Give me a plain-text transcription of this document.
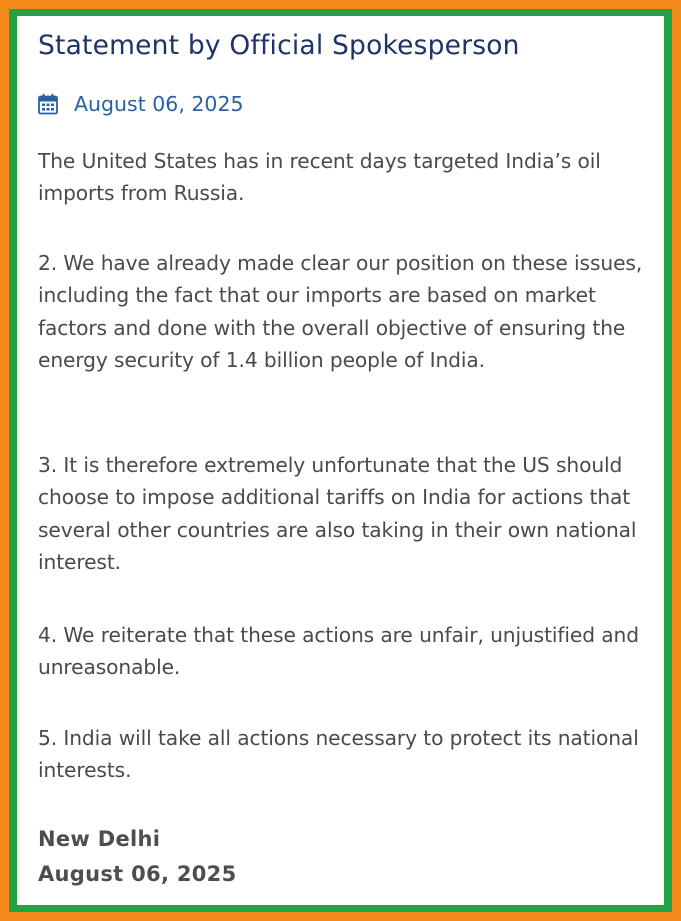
Statement by Official Spokesperson
August 06, 2025

The United States has in recent days targeted India’s oil imports from Russia.

2. We have already made clear our position on these issues, including the fact that our imports are based on market factors and done with the overall objective of ensuring the energy security of 1.4 billion people of India.

3. It is therefore extremely unfortunate that the US should choose to impose additional tariffs on India for actions that several other countries are also taking in their own national interest.

4. We reiterate that these actions are unfair, unjustified and unreasonable.

5. India will take all actions necessary to protect its national interests.

New Delhi

August 06, 2025
